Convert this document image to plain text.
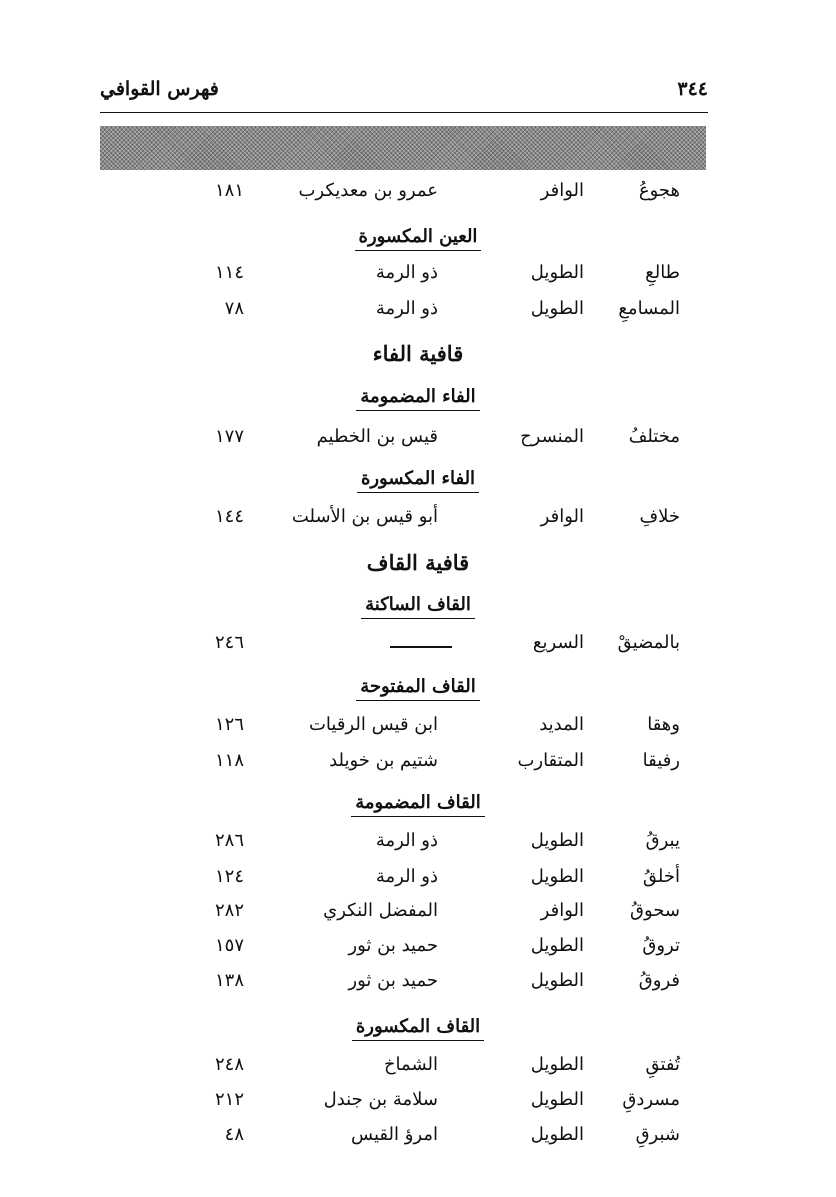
فهرس القوافي	٣٤٤
هجوعُ
الوافر
عمرو بن معديكرب
١٨١
العين المكسورة
طالعِ
الطويل
ذو الرمة
١١٤
المسامعِ
الطويل
ذو الرمة
٧٨
قافية الفاء
الفاء المضمومة
مختلفُ
المنسرح
قيس بن الخطيم
١٧٧
الفاء المكسورة
خلافِ
الوافر
أبو قيس بن الأسلت
١٤٤
قافية القاف
القاف الساكنة
بالمضيقْ
السريع
٢٤٦
القاف المفتوحة
وهقا
المديد
ابن قيس الرقيات
١٢٦
رفيقا
المتقارب
شتيم بن خويلد
١١٨
القاف المضمومة
يبرقُ
الطويل
ذو الرمة
٢٨٦
أخلقُ
الطويل
ذو الرمة
١٢٤
سحوقُ
الوافر
المفضل النكري
٢٨٢
تروقُ
الطويل
حميد بن ثور
١٥٧
فروقُ
الطويل
حميد بن ثور
١٣٨
القاف المكسورة
تُفتقِ
الطويل
الشماخ
٢٤٨
مسردقِ
الطويل
سلامة بن جندل
٢١٢
شبرقِ
الطويل
امرؤ القيس
٤٨
